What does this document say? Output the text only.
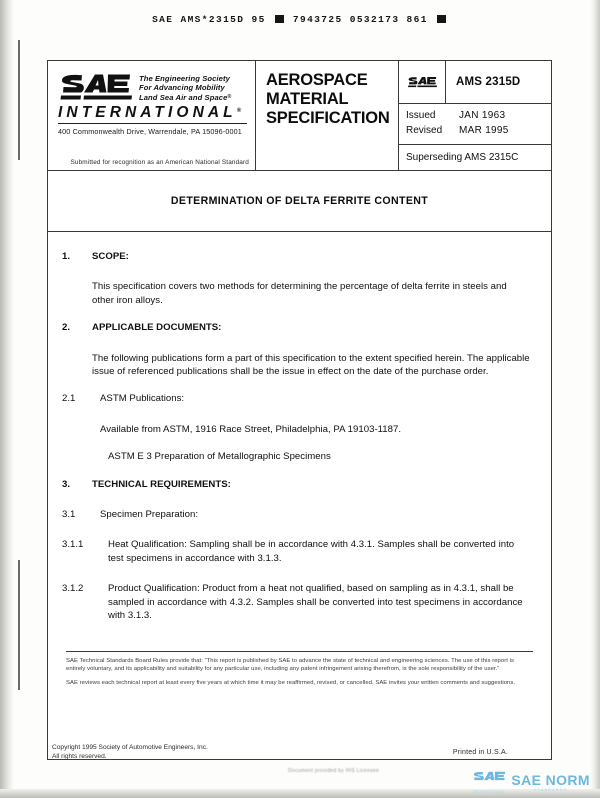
SAE AMS*2315D 95	7943725 0532173 861
The Engineering Society
For Advancing Mobility
Land Sea Air and Space®
INTERNATIONAL®
400 Commonwealth Drive, Warrendale, PA 15096-0001
Submitted for recognition as an American National Standard
AEROSPACE
MATERIAL
SPECIFICATION
AMS 2315D
Issued	JAN 1963
Revised	MAR 1995
Superseding AMS 2315C
DETERMINATION OF DELTA FERRITE CONTENT
1.	SCOPE:
This specification covers two methods for determining the percentage of delta ferrite in steels and other iron alloys.
2.	APPLICABLE DOCUMENTS:
The following publications form a part of this specification to the extent specified herein. The applicable issue of referenced publications shall be the issue in effect on the date of the purchase order.
2.1	ASTM Publications:
Available from ASTM, 1916 Race Street, Philadelphia, PA 19103-1187.
ASTM E 3 Preparation of Metallographic Specimens
3.	TECHNICAL REQUIREMENTS:
3.1	Specimen Preparation:
3.1.1	Heat Qualification: Sampling shall be in accordance with 4.3.1. Samples shall be converted into test specimens in accordance with 3.1.3.
3.1.2	Product Qualification: Product from a heat not qualified, based on sampling as in 4.3.1, shall be sampled in accordance with 4.3.2. Samples shall be converted into test specimens in accordance with 3.1.3.
SAE Technical Standards Board Rules provide that: “This report is published by SAE to advance the state of technical and engineering sciences. The use of this report is entirely voluntary, and its applicability and suitability for any particular use, including any patent infringement arising therefrom, is the sole responsibility of the user.”
SAE reviews each technical report at least every five years at which time it may be reaffirmed, revised, or cancelled. SAE invites your written comments and suggestions.
Copyright 1995 Society of Automotive Engineers, Inc.
All rights reserved.
Printed in U.S.A.
Document provided by IHS Licensee
INTERNATIONAL
SAE NORM
STANDARDS
